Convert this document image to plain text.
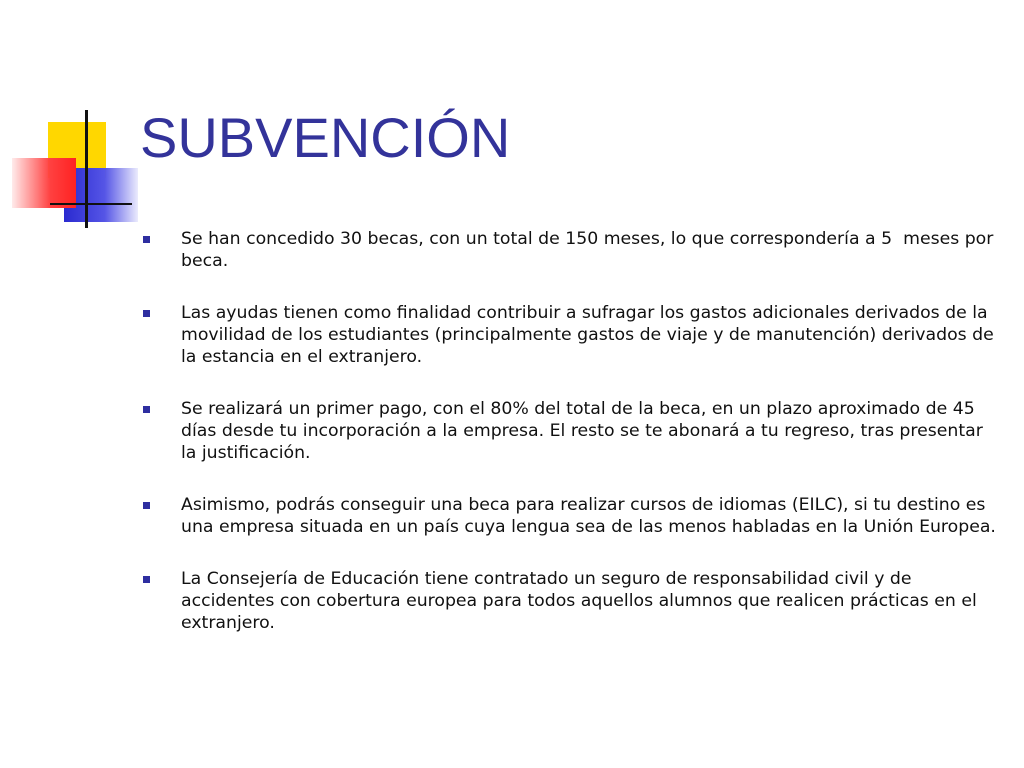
SUBVENCIÓN
Se han concedido 30 becas, con un total de 150 meses, lo que correspondería a 5  meses por beca.
Las ayudas tienen como finalidad contribuir a sufragar los gastos adicionales derivados de la movilidad de los estudiantes (principalmente gastos de viaje y de manutención) derivados de la estancia en el extranjero.
Se realizará un primer pago, con el 80% del total de la beca, en un plazo aproximado de 45 días desde tu incorporación a la empresa. El resto se te abonará a tu regreso, tras presentar la justificación.
Asimismo, podrás conseguir una beca para realizar cursos de idiomas (EILC), si tu destino es una empresa situada en un país cuya lengua sea de las menos habladas en la Unión Europea.
La Consejería de Educación tiene contratado un seguro de responsabilidad civil y de accidentes con cobertura europea para todos aquellos alumnos que realicen prácticas en el extranjero.
